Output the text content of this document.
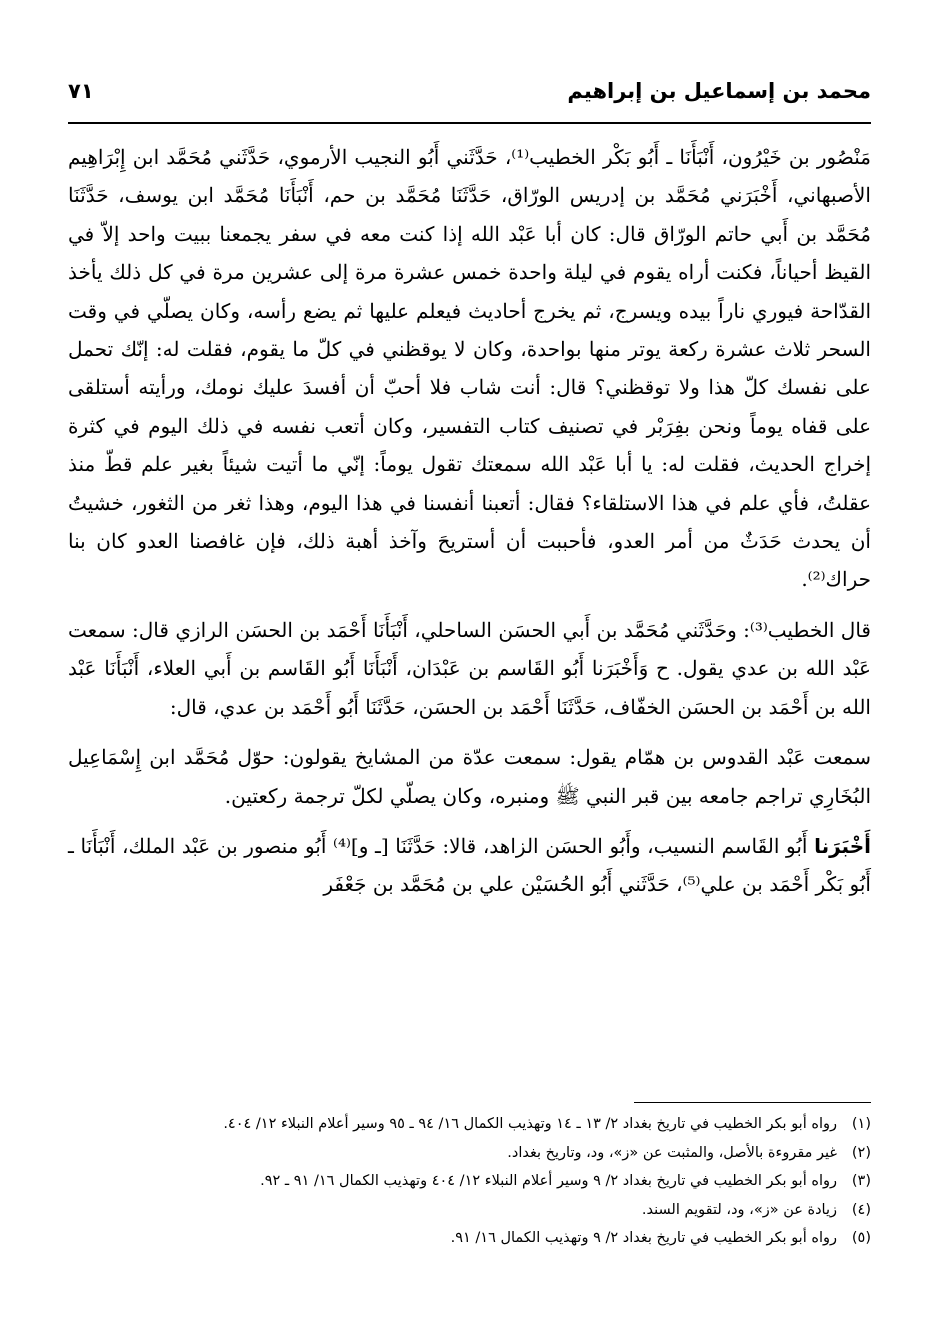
محمد بن إسماعيل بن إبراهيم
٧١

مَنْصُور بن خَيْرُون، أَنْبَأَنَا ـ أَبُو بَكْر الخطيب⁽¹⁾، حَدَّثَني أَبُو النجيب الأرموي، حَدَّثَني مُحَمَّد ابن إِبْرَاهِيم الأصبهاني، أَخْبَرَني مُحَمَّد بن إدريس الورّاق، حَدَّثَنَا مُحَمَّد بن حم، أَنْبَأَنَا مُحَمَّد ابن يوسف، حَدَّثَنَا مُحَمَّد بن أَبي حاتم الورّاق قال: كان أبا عَبْد الله إذا كنت معه في سفر يجمعنا ببيت واحد إلاّ في القيظ أحياناً، فكنت أراه يقوم في ليلة واحدة خمس عشرة مرة إلى عشرين مرة في كل ذلك يأخذ القدّاحة فيوري ناراً بيده ويسرج، ثم يخرج أحاديث فيعلم عليها ثم يضع رأسه، وكان يصلّي في وقت السحر ثلاث عشرة ركعة يوتر منها بواحدة، وكان لا يوقظني في كلّ ما يقوم، فقلت له: إنّك تحمل على نفسك كلّ هذا ولا توقظني؟ قال: أنت شاب فلا أحبّ أن أفسدَ عليك نومك، ورأيته أستلقى على قفاه يوماً ونحن بفِرَبْر في تصنيف كتاب التفسير، وكان أتعب نفسه في ذلك اليوم في كثرة إخراج الحديث، فقلت له: يا أبا عَبْد الله سمعتك تقول يوماً: إنّي ما أتيت شيئاً بغير علم قطّ منذ عقلتُ، فأي علم في هذا الاستلقاء؟ فقال: أتعبنا أنفسنا في هذا اليوم، وهذا ثغر من الثغور، خشيتُ أن يحدث حَدَثٌ من أمر العدو، فأحببت أن أستريحَ وآخذ أهبة ذلك، فإن غافصنا العدو كان بنا حراك⁽²⁾.

قال الخطيب⁽³⁾: وحَدَّثَني مُحَمَّد بن أَبي الحسَن الساحلي، أَنْبَأَنَا أَحْمَد بن الحسَن الرازي قال: سمعت عَبْد الله بن عدي يقول. ح وَأَخْبَرَنا أَبُو القَاسم بن عَبْدَان، أَنْبَأَنَا أَبُو القَاسم بن أَبي العلاء، أَنْبَأَنَا عَبْد الله بن أَحْمَد بن الحسَن الخفّاف، حَدَّثَنَا أَحْمَد بن الحسَن، حَدَّثَنَا أَبُو أَحْمَد بن عدي، قال:

سمعت عَبْد القدوس بن همّام يقول: سمعت عدّة من المشايخ يقولون: حوّل مُحَمَّد ابن إِسْمَاعِيل البُخَارِي تراجم جامعه بين قبر النبي ﷺ ومنبره، وكان يصلّي لكلّ ترجمة ركعتين.

أَخْبَرَنا أَبُو القَاسم النسيب، وأَبُو الحسَن الزاهد، قالا: حَدَّثَنَا [ـ و]⁽⁴⁾ أَبُو منصور بن عَبْد الملك، أَنْبَأَنَا ـ أَبُو بَكْر أَحْمَد بن علي⁽⁵⁾، حَدَّثَني أَبُو الحُسَيْن علي بن مُحَمَّد بن جَعْفَر

(١)رواه أبو بكر الخطيب في تاريخ بغداد ٢/ ١٣ ـ ١٤ وتهذيب الكمال ١٦/ ٩٤ ـ ٩٥ وسير أعلام النبلاء ١٢/ ٤٠٤.
(٢)غير مقروءة بالأصل، والمثبت عن «ز»، ود، وتاريخ بغداد.
(٣)رواه أبو بكر الخطيب في تاريخ بغداد ٢/ ٩ وسير أعلام النبلاء ١٢/ ٤٠٤ وتهذيب الكمال ١٦/ ٩١ ـ ٩٢.
(٤)زيادة عن «ز»، ود، لتقويم السند.
(٥)رواه أبو بكر الخطيب في تاريخ بغداد ٢/ ٩ وتهذيب الكمال ١٦/ ٩١.
